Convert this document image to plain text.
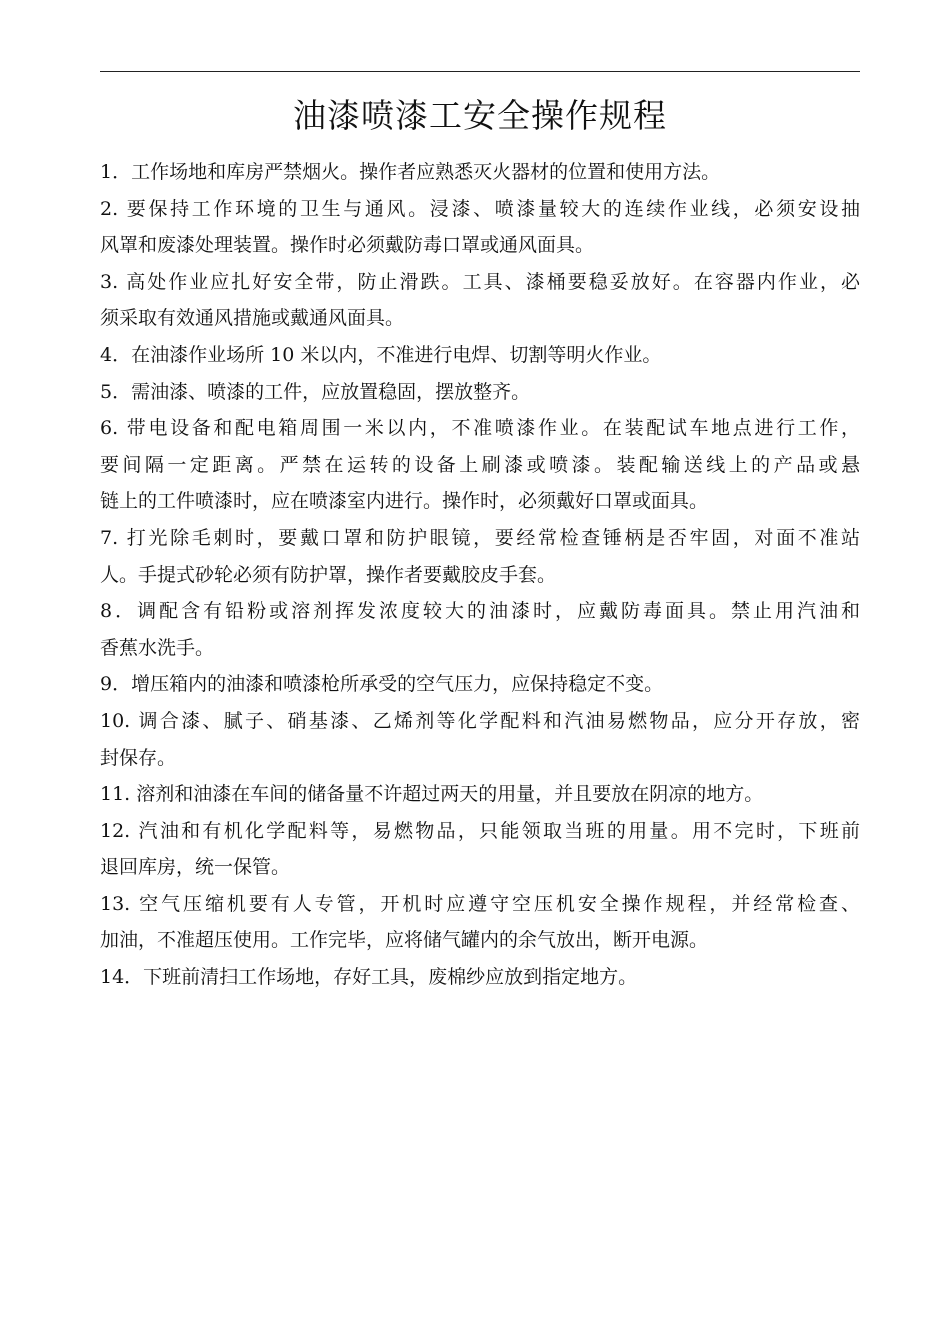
油漆喷漆工安全操作规程
1．工作场地和库房严禁烟火。操作者应熟悉灭火器材的位置和使用方法。
2. 要保持工作环境的卫生与通风。浸漆、喷漆量较大的连续作业线，必须安设抽
风罩和废漆处理装置。操作时必须戴防毒口罩或通风面具。
3. 高处作业应扎好安全带，防止滑跌。工具、漆桶要稳妥放好。在容器内作业，必
须采取有效通风措施或戴通风面具。
4．在油漆作业场所 10 米以内，不准进行电焊、切割等明火作业。
5．需油漆、喷漆的工件，应放置稳固，摆放整齐。
6. 带电设备和配电箱周围一米以内，不准喷漆作业。在装配试车地点进行工作，
要间隔一定距离。严禁在运转的设备上刷漆或喷漆。装配输送线上的产品或悬
链上的工件喷漆时，应在喷漆室内进行。操作时，必须戴好口罩或面具。
7. 打光除毛刺时，要戴口罩和防护眼镜，要经常检查锤柄是否牢固，对面不准站
人。手提式砂轮必须有防护罩，操作者要戴胶皮手套。
8．调配含有铅粉或溶剂挥发浓度较大的油漆时，应戴防毒面具。禁止用汽油和
香蕉水洗手。
9．增压箱内的油漆和喷漆枪所承受的空气压力，应保持稳定不变。
10. 调合漆、腻子、硝基漆、乙烯剂等化学配料和汽油易燃物品，应分开存放，密
封保存。
11. 溶剂和油漆在车间的储备量不许超过两天的用量，并且要放在阴凉的地方。
12. 汽油和有机化学配料等，易燃物品，只能领取当班的用量。用不完时，下班前
退回库房，统一保管。
13. 空气压缩机要有人专管，开机时应遵守空压机安全操作规程，并经常检查、
加油，不准超压使用。工作完毕，应将储气罐内的余气放出，断开电源。
14．下班前清扫工作场地，存好工具，废棉纱应放到指定地方。
